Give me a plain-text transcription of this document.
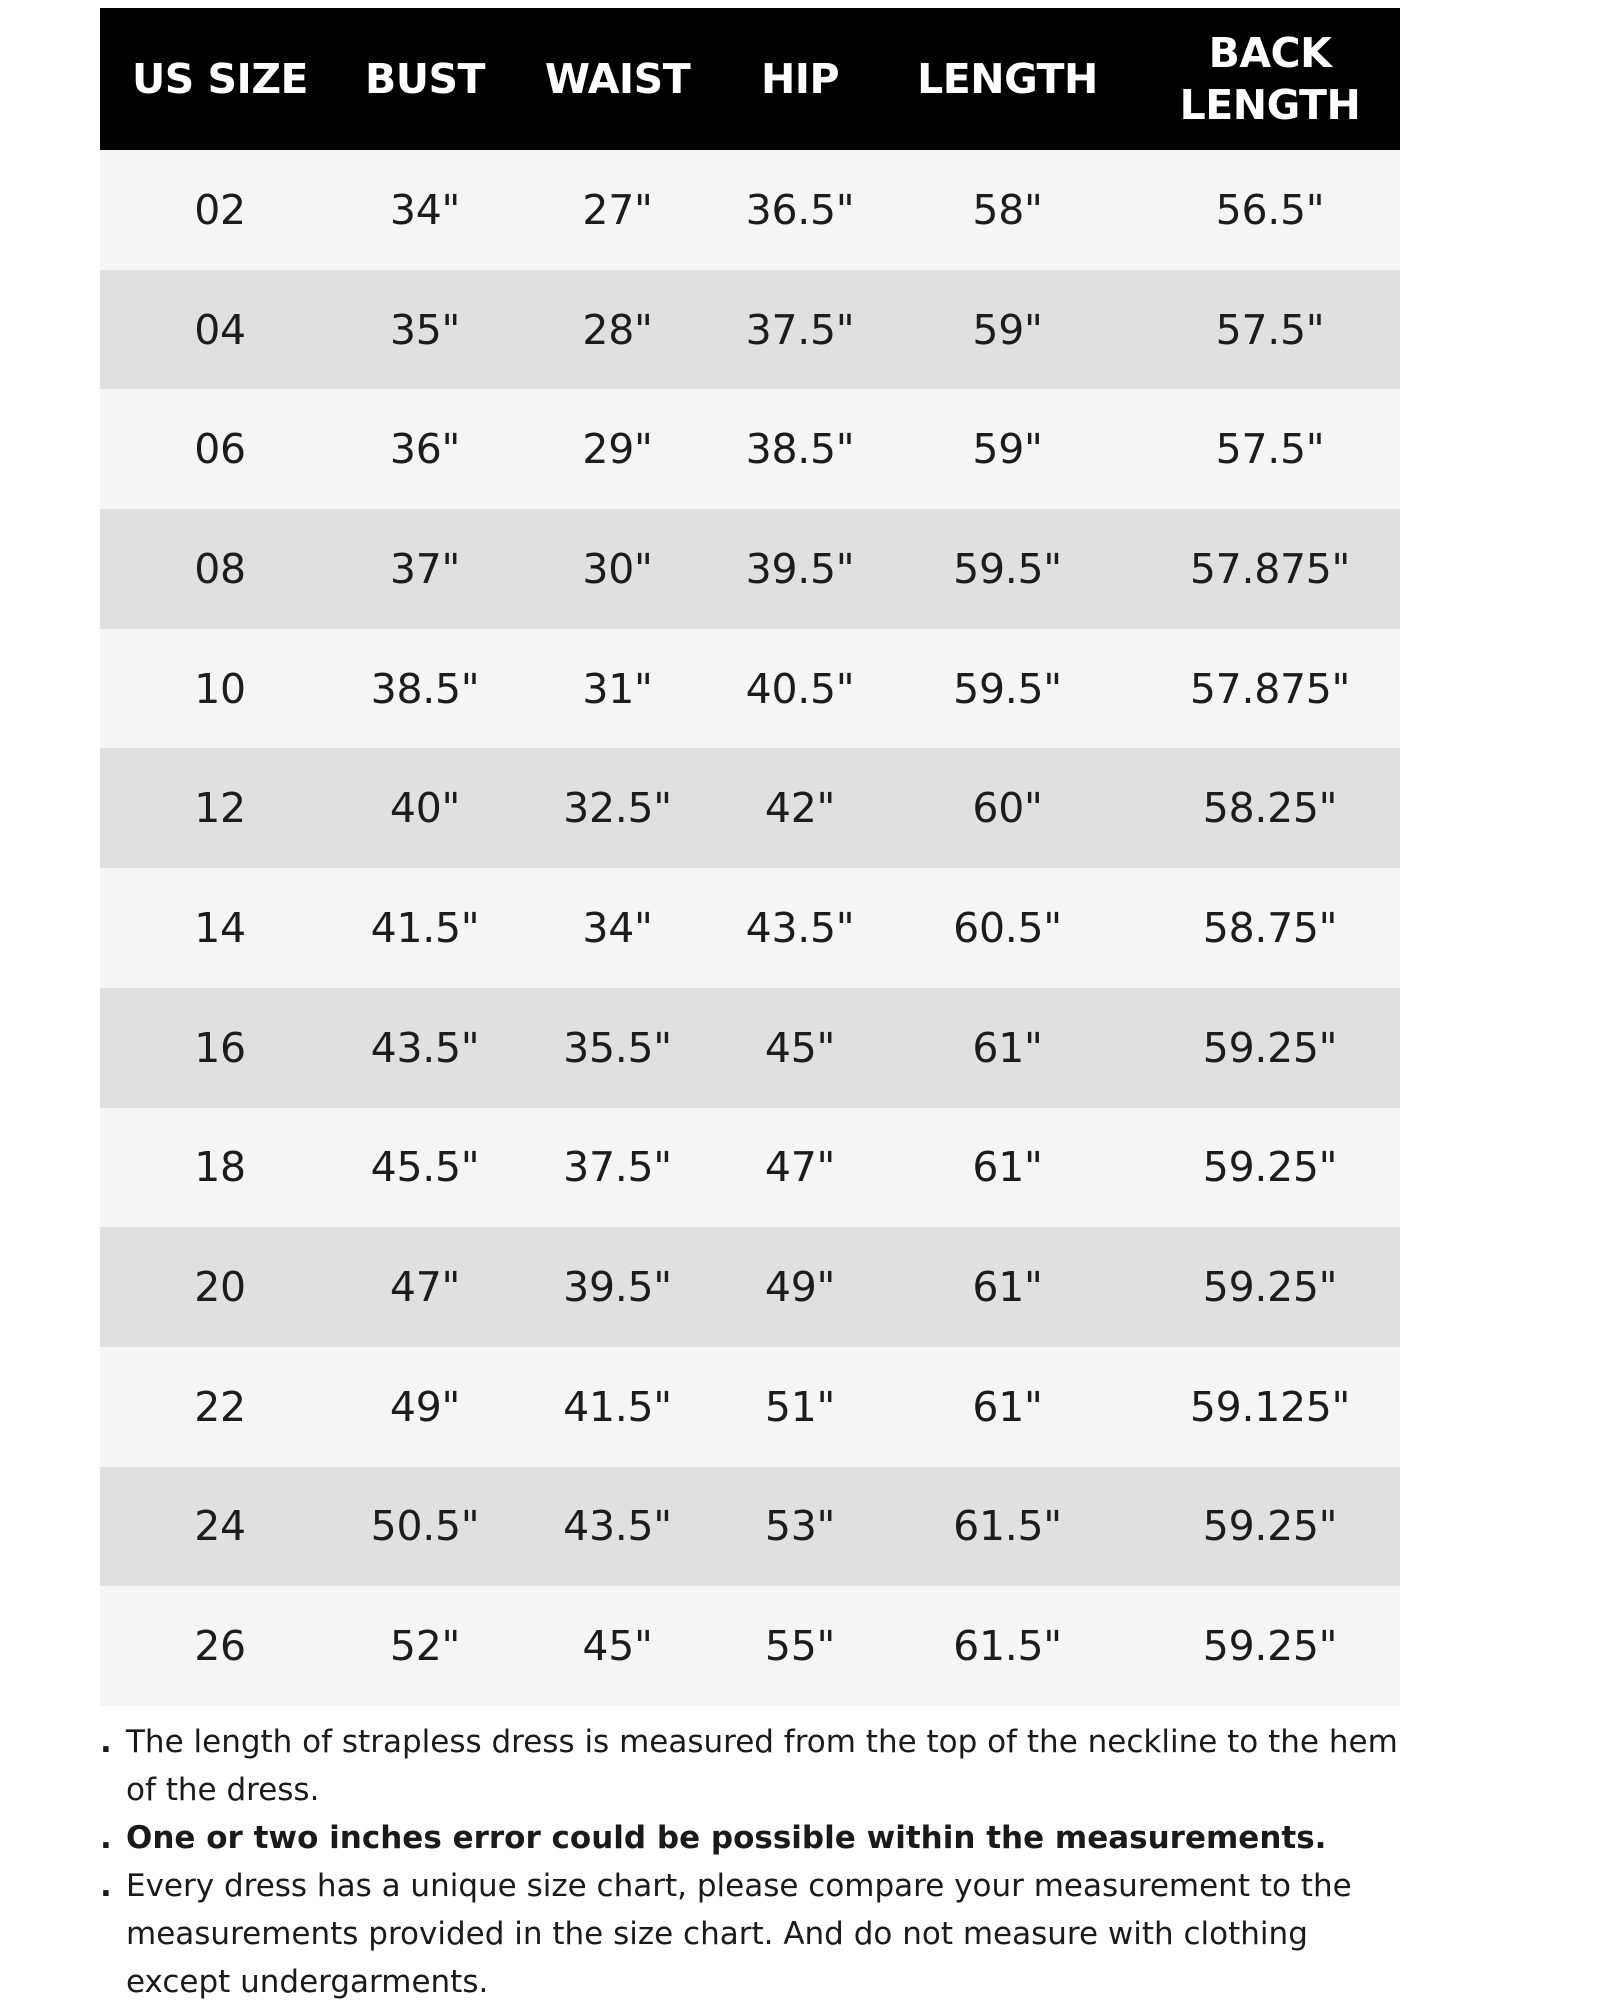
US SIZE	BUST	WAIST	HIP	LENGTH	BACK
LENGTH

02	34"	27"	36.5"	58"	56.5"
04	35"	28"	37.5"	59"	57.5"
06	36"	29"	38.5"	59"	57.5"
08	37"	30"	39.5"	59.5"	57.875"
10	38.5"	31"	40.5"	59.5"	57.875"
12	40"	32.5"	42"	60"	58.25"
14	41.5"	34"	43.5"	60.5"	58.75"
16	43.5"	35.5"	45"	61"	59.25"
18	45.5"	37.5"	47"	61"	59.25"
20	47"	39.5"	49"	61"	59.25"
22	49"	41.5"	51"	61"	59.125"
24	50.5"	43.5"	53"	61.5"	59.25"
26	52"	45"	55"	61.5"	59.25"
. The length of strapless dress is measured from the top of the neckline to the hem of the dress.
. One or two inches error could be possible within the measurements.
. Every dress has a unique size chart, please compare your measurement to the measurements provided in the size chart. And do not measure with clothing except undergarments.
